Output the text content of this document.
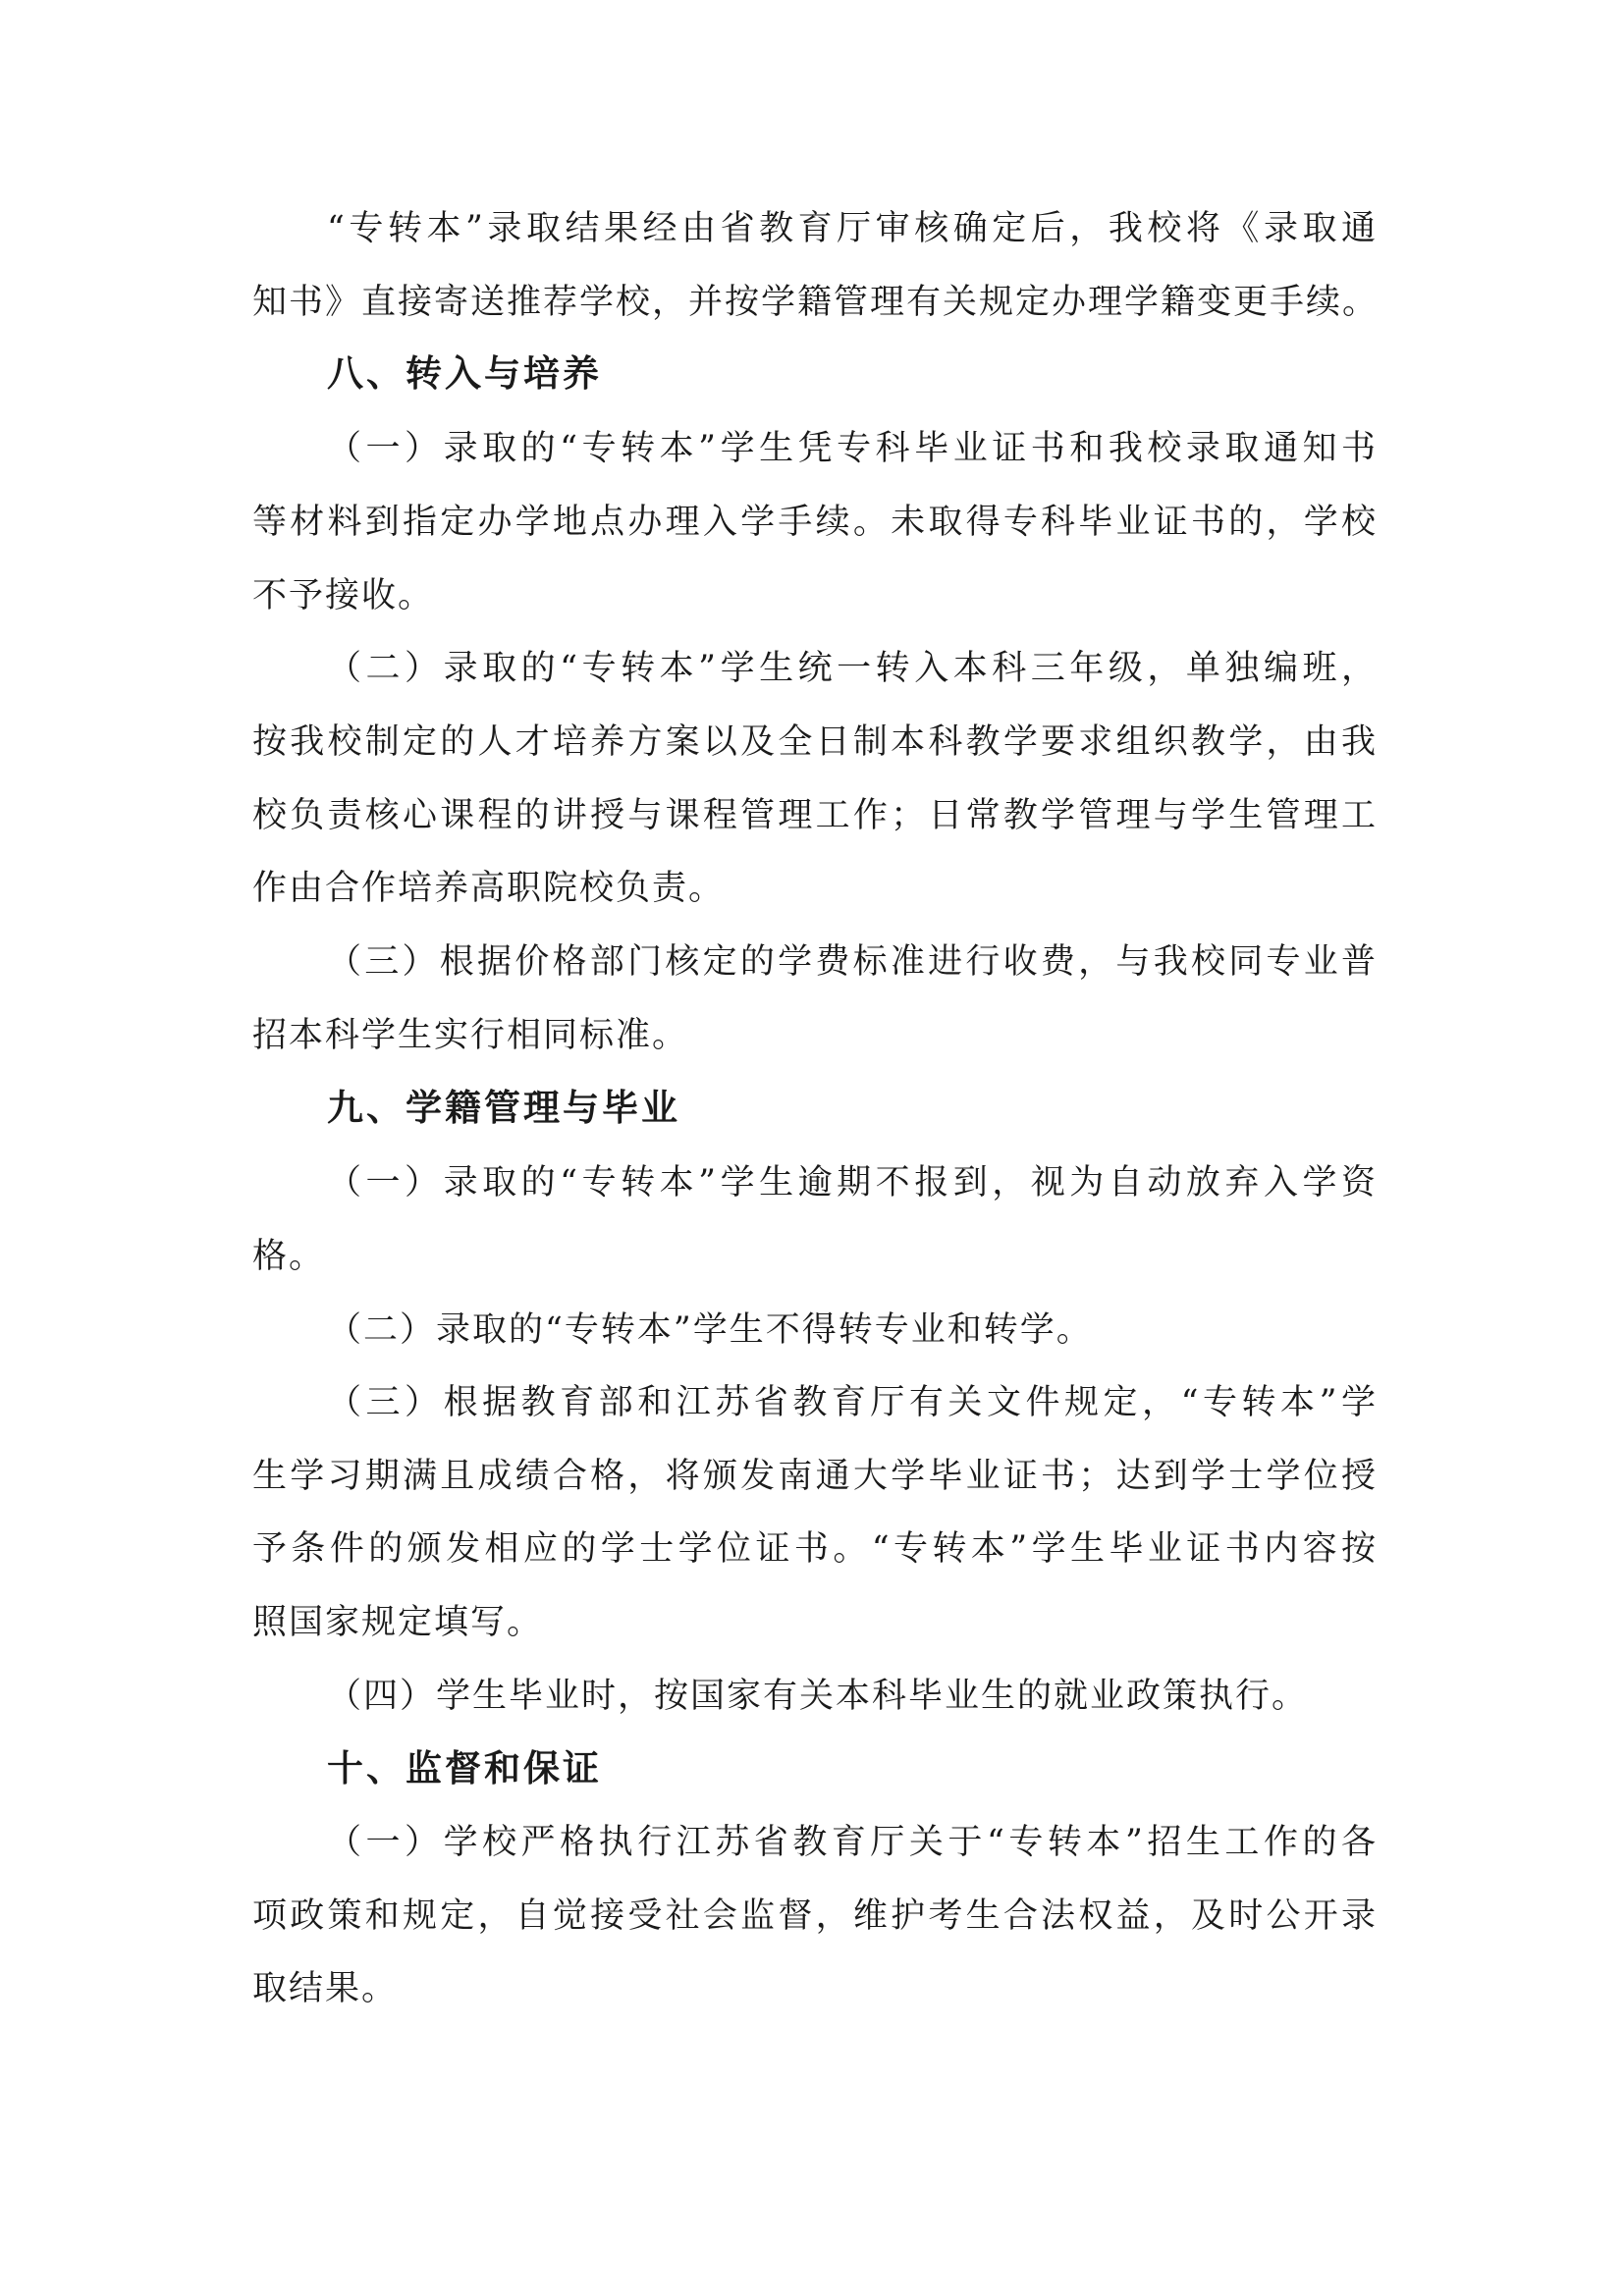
“专转本”录取结果经由省教育厅审核确定后，我校将《录取通
知书》直接寄送推荐学校，并按学籍管理有关规定办理学籍变更手续。
八、转入与培养
（一）录取的“专转本”学生凭专科毕业证书和我校录取通知书
等材料到指定办学地点办理入学手续。未取得专科毕业证书的，学校
不予接收。
（二）录取的“专转本”学生统一转入本科三年级，单独编班，
按我校制定的人才培养方案以及全日制本科教学要求组织教学，由我
校负责核心课程的讲授与课程管理工作；日常教学管理与学生管理工
作由合作培养高职院校负责。
（三）根据价格部门核定的学费标准进行收费，与我校同专业普
招本科学生实行相同标准。
九、学籍管理与毕业
（一）录取的“专转本”学生逾期不报到，视为自动放弃入学资
格。
（二）录取的“专转本”学生不得转专业和转学。
（三）根据教育部和江苏省教育厅有关文件规定，“专转本”学
生学习期满且成绩合格，将颁发南通大学毕业证书；达到学士学位授
予条件的颁发相应的学士学位证书。“专转本”学生毕业证书内容按
照国家规定填写。
（四）学生毕业时，按国家有关本科毕业生的就业政策执行。
十、监督和保证
（一）学校严格执行江苏省教育厅关于“专转本”招生工作的各
项政策和规定，自觉接受社会监督，维护考生合法权益，及时公开录
取结果。
